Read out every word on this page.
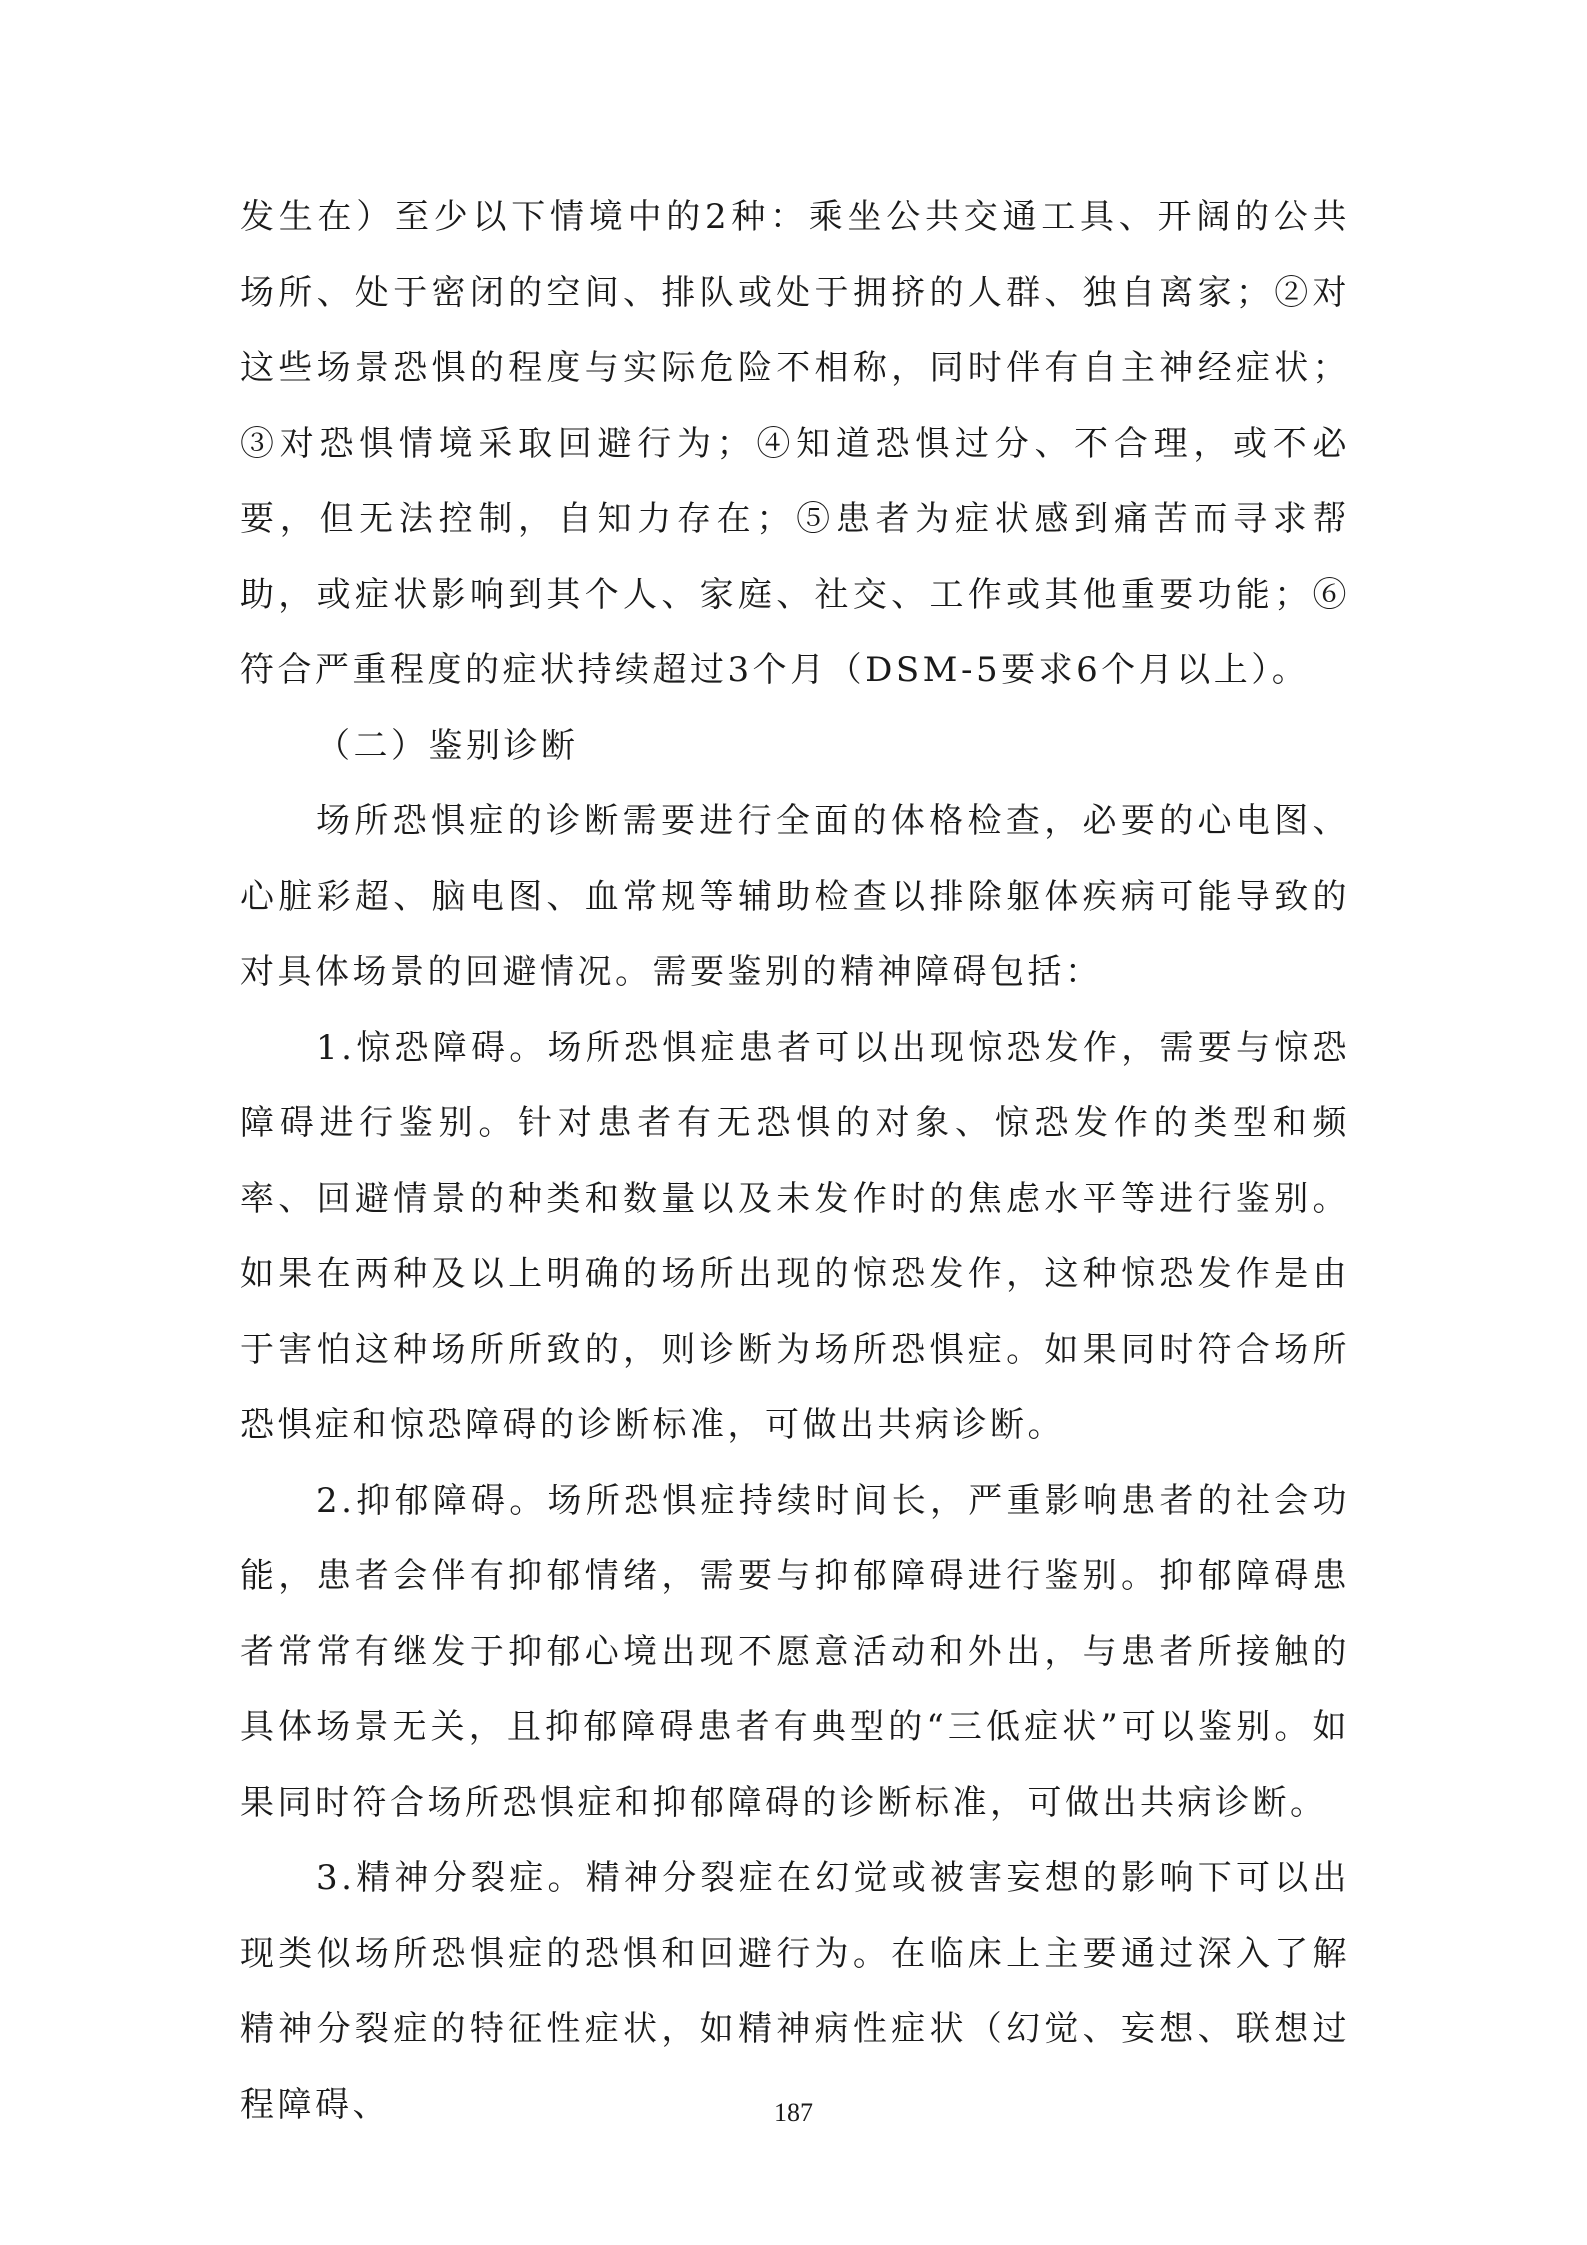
发生在）至少以下情境中的2种：乘坐公共交通工具、开阔的公共场所、处于密闭的空间、排队或处于拥挤的人群、独自离家；②对这些场景恐惧的程度与实际危险不相称，同时伴有自主神经症状；③对恐惧情境采取回避行为；④知道恐惧过分、不合理，或不必要，但无法控制，自知力存在；⑤患者为症状感到痛苦而寻求帮助，或症状影响到其个人、家庭、社交、工作或其他重要功能；⑥符合严重程度的症状持续超过3个月（DSM-5要求6个月以上）。

（二）鉴别诊断

场所恐惧症的诊断需要进行全面的体格检查，必要的心电图、心脏彩超、脑电图、血常规等辅助检查以排除躯体疾病可能导致的对具体场景的回避情况。需要鉴别的精神障碍包括：

1.惊恐障碍。场所恐惧症患者可以出现惊恐发作，需要与惊恐障碍进行鉴别。针对患者有无恐惧的对象、惊恐发作的类型和频率、回避情景的种类和数量以及未发作时的焦虑水平等进行鉴别。如果在两种及以上明确的场所出现的惊恐发作，这种惊恐发作是由于害怕这种场所所致的，则诊断为场所恐惧症。如果同时符合场所恐惧症和惊恐障碍的诊断标准，可做出共病诊断。

2.抑郁障碍。场所恐惧症持续时间长，严重影响患者的社会功能，患者会伴有抑郁情绪，需要与抑郁障碍进行鉴别。抑郁障碍患者常常有继发于抑郁心境出现不愿意活动和外出，与患者所接触的具体场景无关，且抑郁障碍患者有典型的“三低症状”可以鉴别。如果同时符合场所恐惧症和抑郁障碍的诊断标准，可做出共病诊断。

3.精神分裂症。精神分裂症在幻觉或被害妄想的影响下可以出现类似场所恐惧症的恐惧和回避行为。在临床上主要通过深入了解精神分裂症的特征性症状，如精神病性症状（幻觉、妄想、联想过程障碍、	187
